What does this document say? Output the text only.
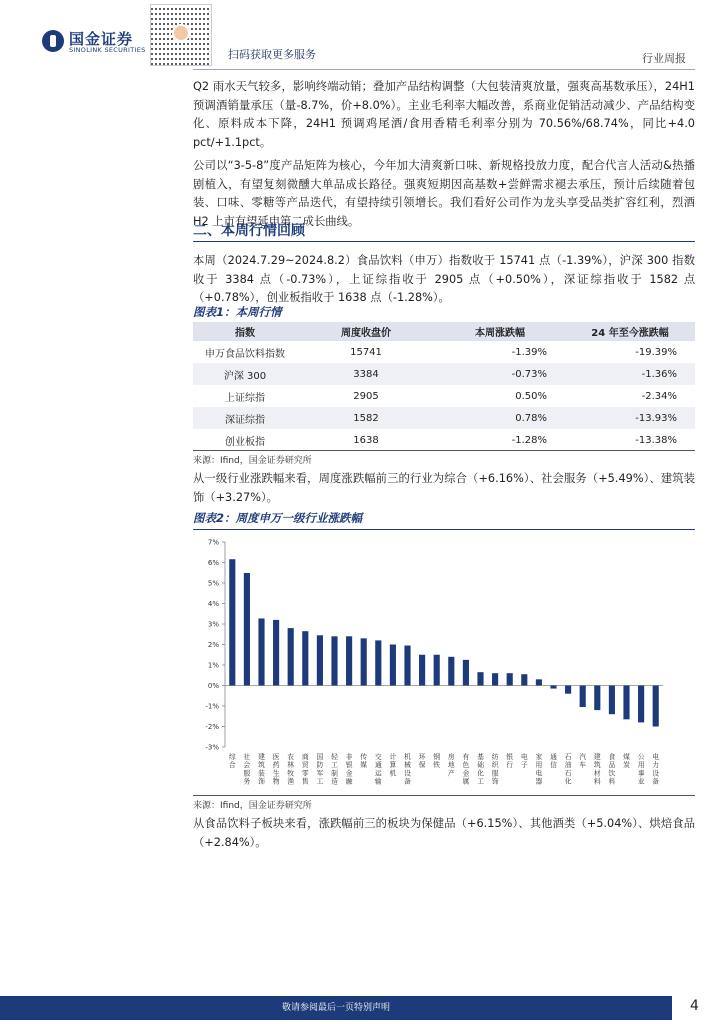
国金证券
SINOLINK SECURITIES	扫码获取更多服务	行业周报

Q2 雨水天气较多，影响终端动销；叠加产品结构调整（大包装清爽放量，强爽高基数承压），24H1 预调酒销量承压（量-8.7%，价+8.0%）。主业毛利率大幅改善，系商业促销活动减少、产品结构变化、原料成本下降，24H1 预调鸡尾酒/食用香精毛利率分别为 70.56%/68.74%，同比+4.0 pct/+1.1pct。

公司以“3-5-8”度产品矩阵为核心，今年加大清爽新口味、新规格投放力度，配合代言人活动&热播剧植入，有望复刻微醺大单品成长路径。强爽短期因高基数+尝鲜需求褪去承压，预计后续随着包装、口味、零糖等产品迭代，有望持续引领增长。我们看好公司作为龙头享受品类扩容红利，烈酒 H2 上市有望延申第二成长曲线。

二、本周行情回顾

本周（2024.7.29~2024.8.2）食品饮料（申万）指数收于 15741 点（-1.39%），沪深 300 指数收于 3384 点（-0.73%），上证综指收于 2905 点（+0.50%），深证综指收于 1582 点（+0.78%），创业板指收于 1638 点（-1.28%）。

图表1：本周行情
指数	周度收盘价	本周涨跌幅	24 年至今涨跌幅
申万食品饮料指数	15741	-1.39%	-19.39%
沪深 300	3384	-0.73%	-1.36%
上证综指	2905	0.50%	-2.34%
深证综指	1582	0.78%	-13.93%
创业板指	1638	-1.28%	-13.38%
来源：Ifind，国金证券研究所

从一级行业涨跌幅来看，周度涨跌幅前三的行业为综合（+6.16%）、社会服务（+5.49%）、建筑装饰（+3.27%）。

图表2：周度申万一级行业涨跌幅
-3%
-2%
-1%
0%
1%
2%
3%
4%
5%
6%
7%
综合
社会服务
建筑装饰
医药生物
农林牧渔
商贸零售
国防军工
轻工制造
非银金融
传媒
交通运输
计算机
机械设备
环保
钢铁
房地产
有色金属
基础化工
纺织服饰
银行
电子
家用电器
通信
石油石化
汽车
建筑材料
食品饮料
煤炭
公用事业
电力设备
来源：Ifind，国金证券研究所

从食品饮料子板块来看，涨跌幅前三的板块为保健品（+6.15%）、其他酒类（+5.04%）、烘焙食品（+2.84%）。

敬请参阅最后一页特别声明	4
